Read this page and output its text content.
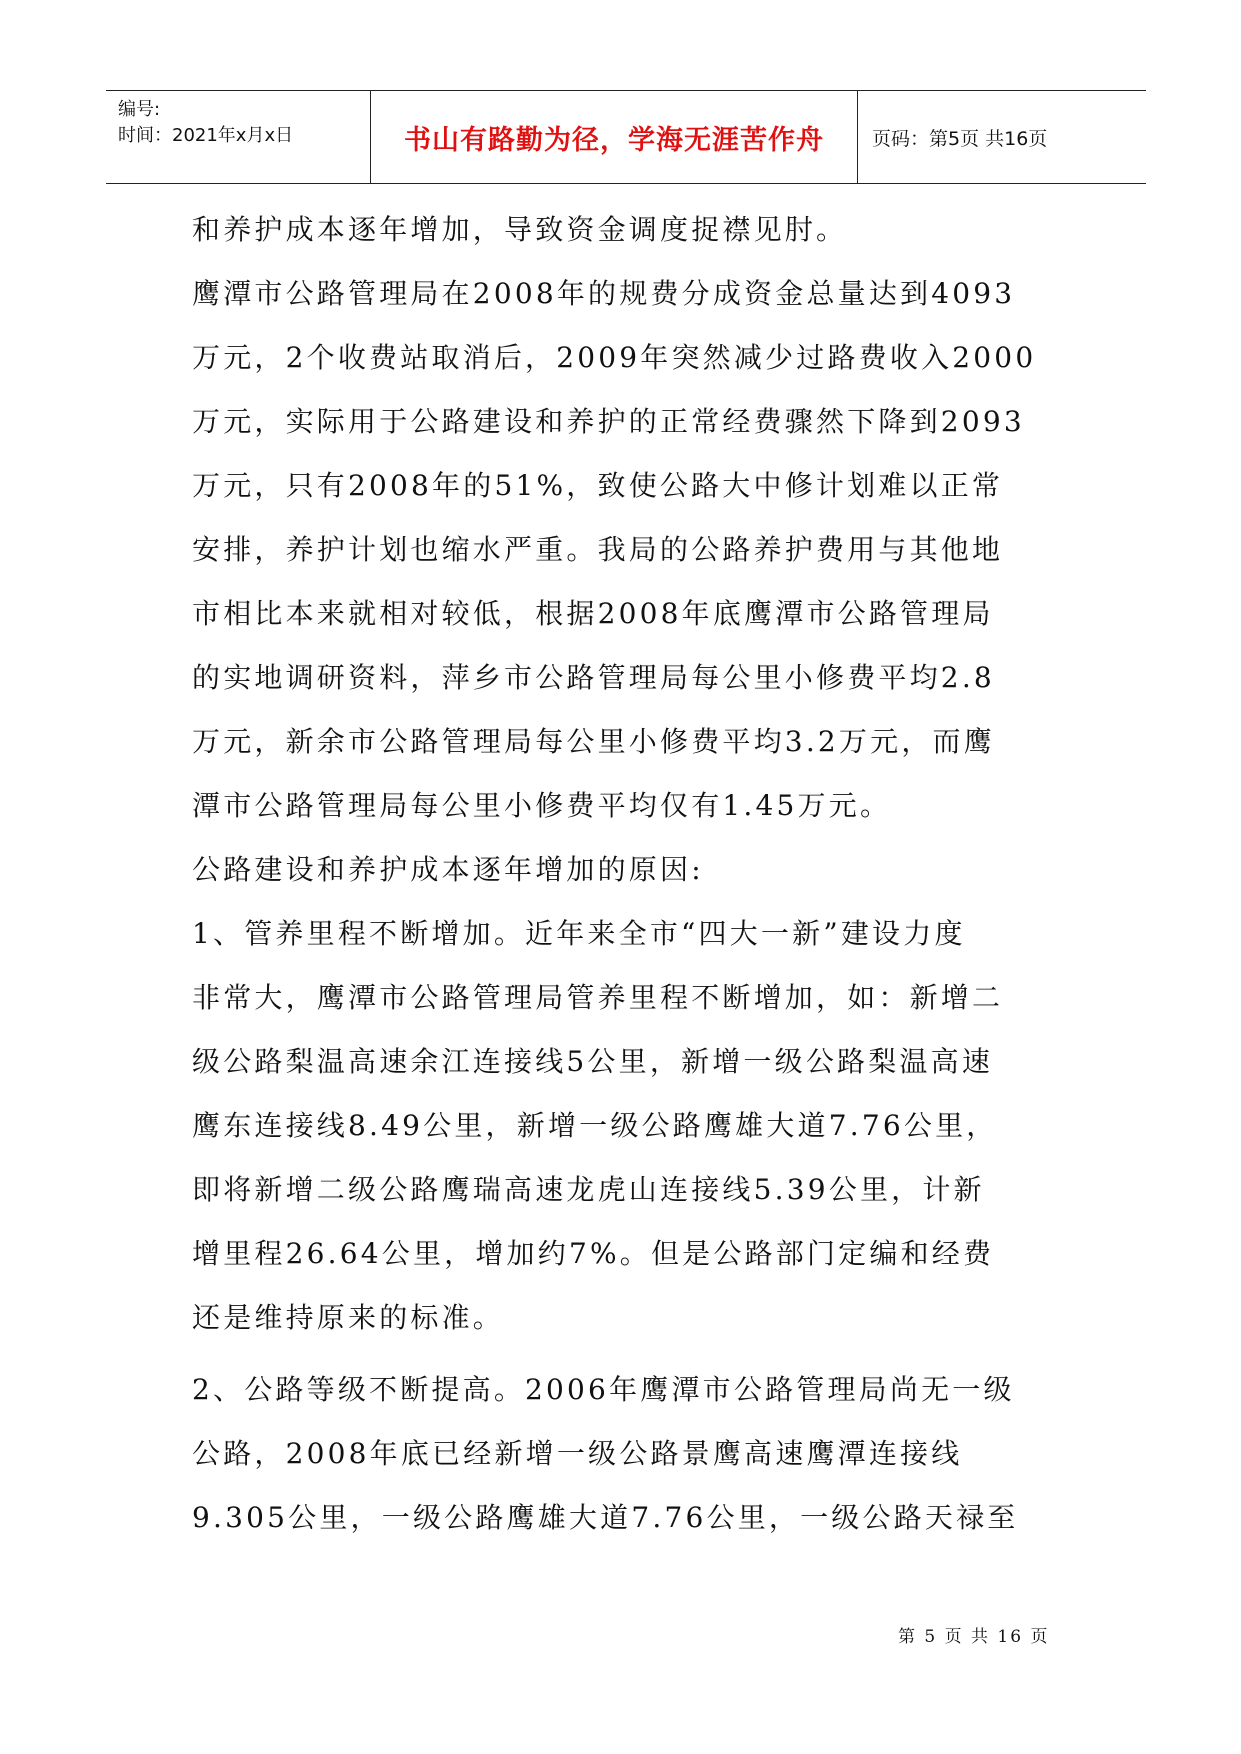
编号:
时间：2021年x月x日	书山有路勤为径，学海无涯苦作舟	页码：第5页 共16页

和养护成本逐年增加，导致资金调度捉襟见肘。

鹰潭市公路管理局在2008年的规费分成资金总量达到4093

万元，2个收费站取消后，2009年突然减少过路费收入2000

万元，实际用于公路建设和养护的正常经费骤然下降到2093

万元，只有2008年的51%，致使公路大中修计划难以正常

安排，养护计划也缩水严重。我局的公路养护费用与其他地

市相比本来就相对较低，根据2008年底鹰潭市公路管理局

的实地调研资料，萍乡市公路管理局每公里小修费平均2.8

万元，新余市公路管理局每公里小修费平均3.2万元，而鹰

潭市公路管理局每公里小修费平均仅有1.45万元。

公路建设和养护成本逐年增加的原因:

1、管养里程不断增加。近年来全市“四大一新”建设力度

非常大，鹰潭市公路管理局管养里程不断增加，如：新增二

级公路梨温高速余江连接线5公里，新增一级公路梨温高速

鹰东连接线8.49公里，新增一级公路鹰雄大道7.76公里，

即将新增二级公路鹰瑞高速龙虎山连接线5.39公里，计新

增里程26.64公里，增加约7%。但是公路部门定编和经费

还是维持原来的标准。

2、公路等级不断提高。2006年鹰潭市公路管理局尚无一级

公路，2008年底已经新增一级公路景鹰高速鹰潭连接线

9.305公里，一级公路鹰雄大道7.76公里，一级公路天禄至

第 5 页 共 16 页
